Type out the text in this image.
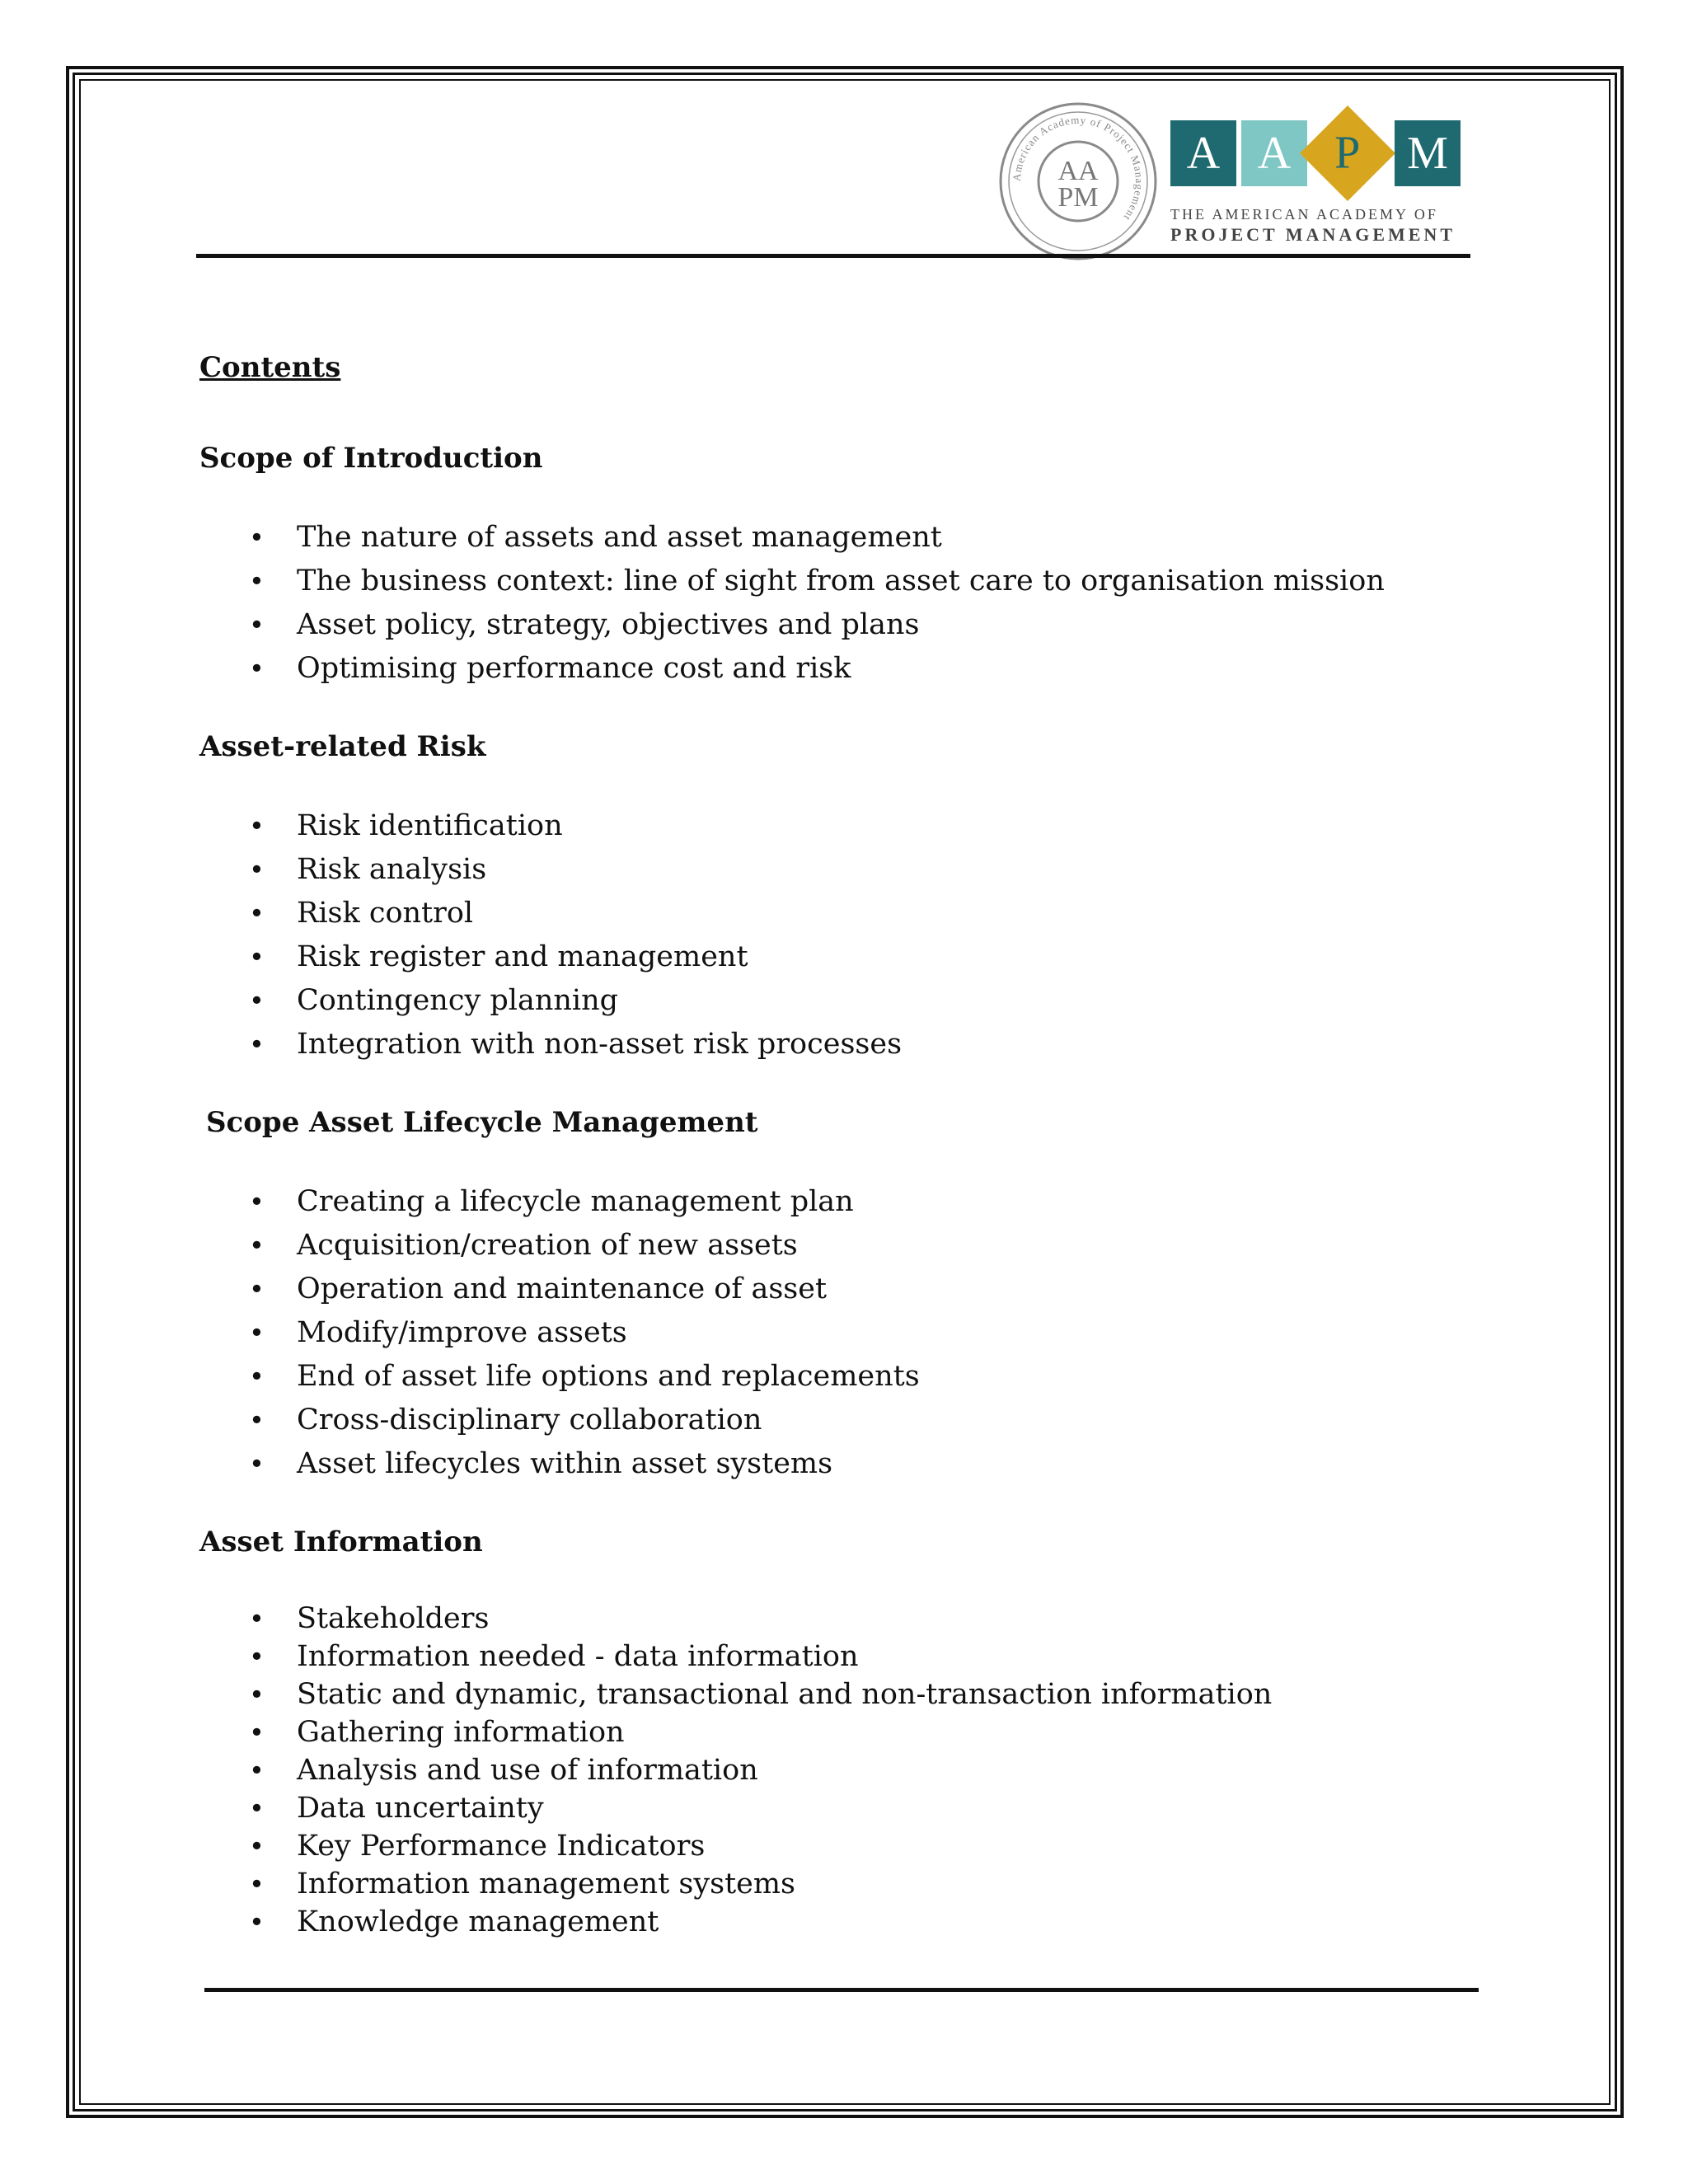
AA
PM
American Academy of Project Management
A A P M
THE AMERICAN ACADEMY OF
PROJECT MANAGEMENT
Contents
Scope of Introduction
• The nature of assets and asset management
• The business context: line of sight from asset care to organisation mission
• Asset policy, strategy, objectives and plans
• Optimising performance cost and risk
Asset-related Risk
• Risk identification
• Risk analysis
• Risk control
• Risk register and management
• Contingency planning
• Integration with non-asset risk processes
Scope Asset Lifecycle Management
• Creating a lifecycle management plan
• Acquisition/creation of new assets
• Operation and maintenance of asset
• Modify/improve assets
• End of asset life options and replacements
• Cross-disciplinary collaboration
• Asset lifecycles within asset systems
Asset Information
• Stakeholders
• Information needed - data information
• Static and dynamic, transactional and non-transaction information
• Gathering information
• Analysis and use of information
• Data uncertainty
• Key Performance Indicators
• Information management systems
• Knowledge management
